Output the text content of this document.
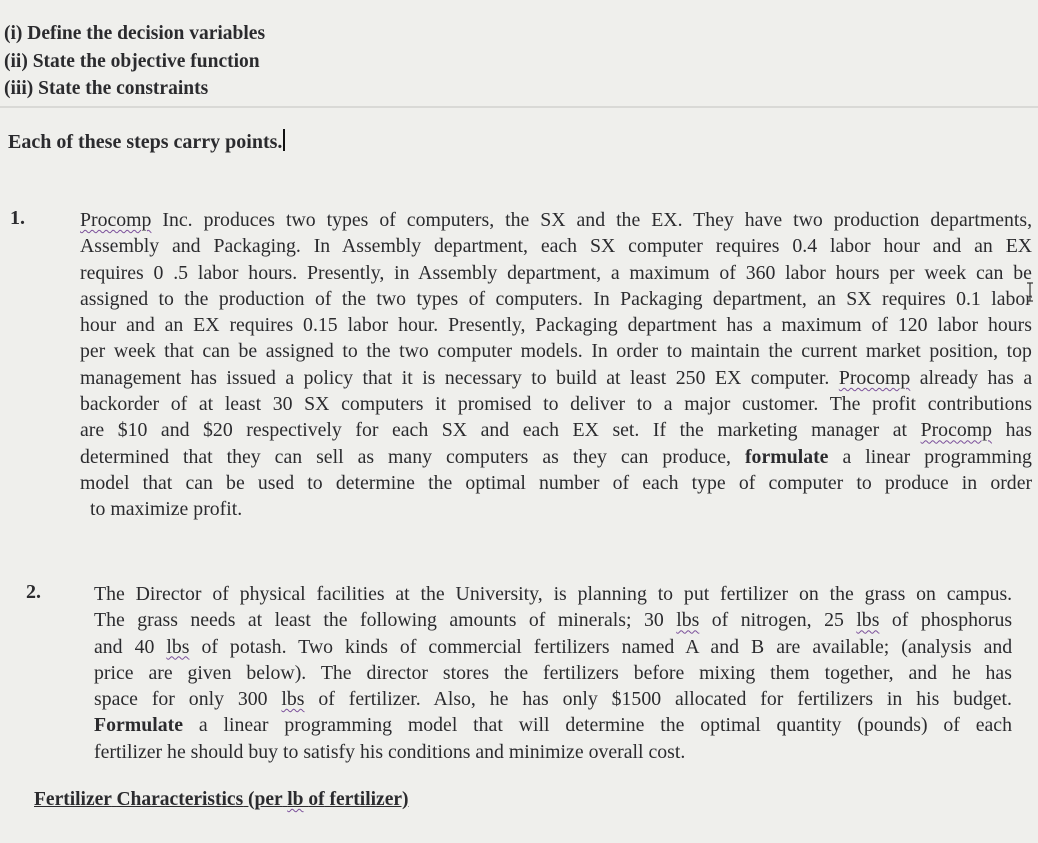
(i) Define the decision variables
(ii) State the objective function
(iii) State the constraints
Each of these steps carry points.
1.	Procomp Inc. produces two types of computers, the SX and the EX. They have two production departments,
Assembly and Packaging. In Assembly department, each SX computer requires 0.4 labor hour and an EX
requires 0 .5 labor hours. Presently, in Assembly department, a maximum of 360 labor hours per week can be
assigned to the production of the two types of computers. In Packaging department, an SX requires 0.1 labor
hour and an EX requires 0.15 labor hour. Presently, Packaging department has a maximum of 120 labor hours
per week that can be assigned to the two computer models. In order to maintain the current market position, top
management has issued a policy that it is necessary to build at least 250 EX computer. Procomp already has a
backorder of at least 30 SX computers it promised to deliver to a major customer. The profit contributions
are $10 and $20 respectively for each SX and each EX set. If the marketing manager at Procomp has
determined that they can sell as many computers as they can produce, formulate a linear programming
model that can be used to determine the optimal number of each type of computer to produce in order
to maximize profit.
2.	The Director of physical facilities at the University, is planning to put fertilizer on the grass on campus.
The grass needs at least the following amounts of minerals; 30 lbs of nitrogen, 25 lbs of phosphorus
and 40 lbs of potash. Two kinds of commercial fertilizers named A and B are available; (analysis and
price are given below). The director stores the fertilizers before mixing them together, and he has
space for only 300 lbs of fertilizer. Also, he has only $1500 allocated for fertilizers in his budget.
Formulate a linear programming model that will determine the optimal quantity (pounds) of each
fertilizer he should buy to satisfy his conditions and minimize overall cost.
Fertilizer Characteristics (per lb of fertilizer)
